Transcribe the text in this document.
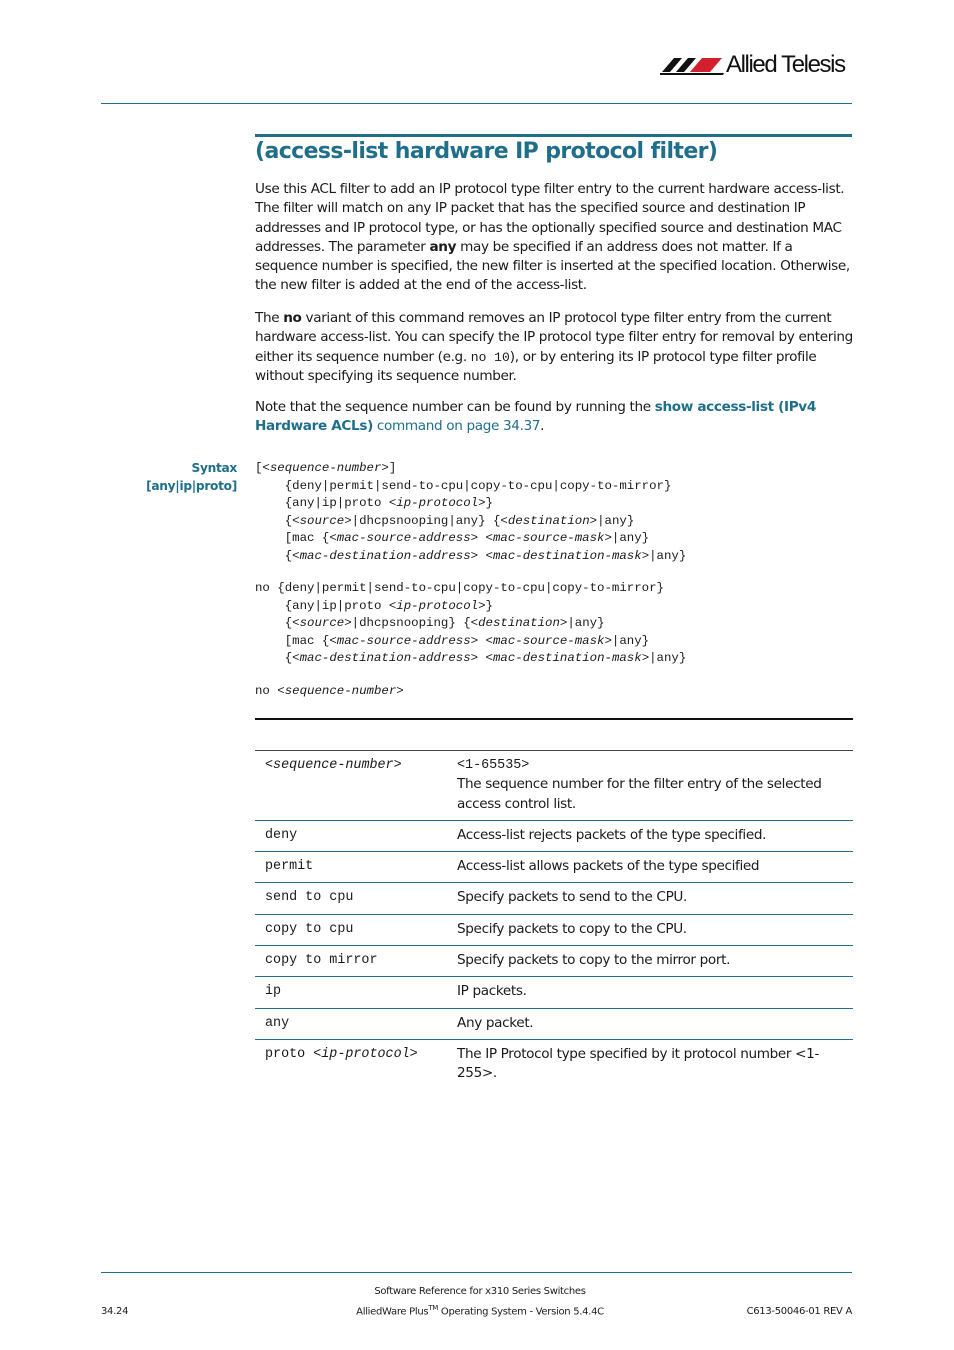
Allied Telesis
(access-list hardware IP protocol filter)

Use this ACL filter to add an IP protocol type filter entry to the current hardware access-list. The filter will match on any IP packet that has the specified source and destination IP addresses and IP protocol type, or has the optionally specified source and destination MAC addresses. The parameter any may be specified if an address does not matter. If a sequence number is specified, the new filter is inserted at the specified location. Otherwise, the new filter is added at the end of the access-list.

The no variant of this command removes an IP protocol type filter entry from the current hardware access-list. You can specify the IP protocol type filter entry for removal by entering either its sequence number (e.g. no 10), or by entering its IP protocol type filter profile without specifying its sequence number.

Note that the sequence number can be found by running the show access-list (IPv4 Hardware ACLs) command on page 34.37.

Syntax
[any|ip|proto]
[<sequence-number>]
{deny|permit|send-to-cpu|copy-to-cpu|copy-to-mirror}
{any|ip|proto <ip-protocol>}
{<source>|dhcpsnooping|any} {<destination>|any}
[mac {<mac-source-address> <mac-source-mask>|any}
{<mac-destination-address> <mac-destination-mask>|any}
no {deny|permit|send-to-cpu|copy-to-cpu|copy-to-mirror}
{any|ip|proto <ip-protocol>}
{<source>|dhcpsnooping} {<destination>|any}
[mac {<mac-source-address> <mac-source-mask>|any}
{<mac-destination-address> <mac-destination-mask>|any}
no <sequence-number>
<sequence-number>	<1-65535>
The sequence number for the filter entry of the selected access control list.
deny	Access-list rejects packets of the type specified.
permit	Access-list allows packets of the type specified
send to cpu	Specify packets to send to the CPU.
copy to cpu	Specify packets to copy to the CPU.
copy to mirror	Specify packets to copy to the mirror port.
ip	IP packets.
any	Any packet.
proto <ip-protocol>	The IP Protocol type specified by it protocol number <1-255>.
Software Reference for x310 Series Switches
AlliedWare Plus™ Operating System - Version 5.4.4C
34.24	C613-50046-01 REV A
